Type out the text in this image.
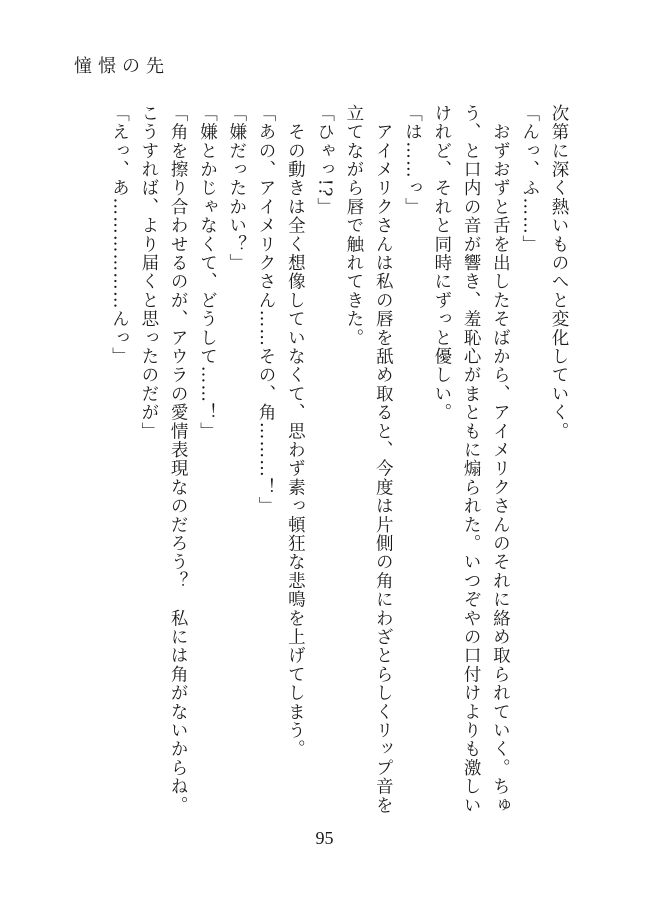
憧憬の先
次第に深く熱いものへと変化していく。
「んっ、ふ……」
　おずおずと舌を出したそばから、アイメリクさんのそれに絡め取られていく。ちゅ
う、と口内の音が響き、羞恥心がまともに煽られた。いつぞやの口付けよりも激しい
けれど、それと同時にずっと優しい。
「は……っ」
　アイメリクさんは私の唇を舐め取ると、今度は片側の角にわざとらしくリップ音を
立てながら唇で触れてきた。
「ひゃっ!?」
　その動きは全く想像していなくて、思わず素っ頓狂な悲鳴を上げてしまう。
「あの、アイメリクさん……その、角………！」
「嫌だったかい？」
「嫌とかじゃなくて、どうして……！」
「角を擦り合わせるのが、アウラの愛情表現なのだろう？　私には角がないからね。
こうすれば、より届くと思ったのだが」
「えっ、あ………………んっ」
95
